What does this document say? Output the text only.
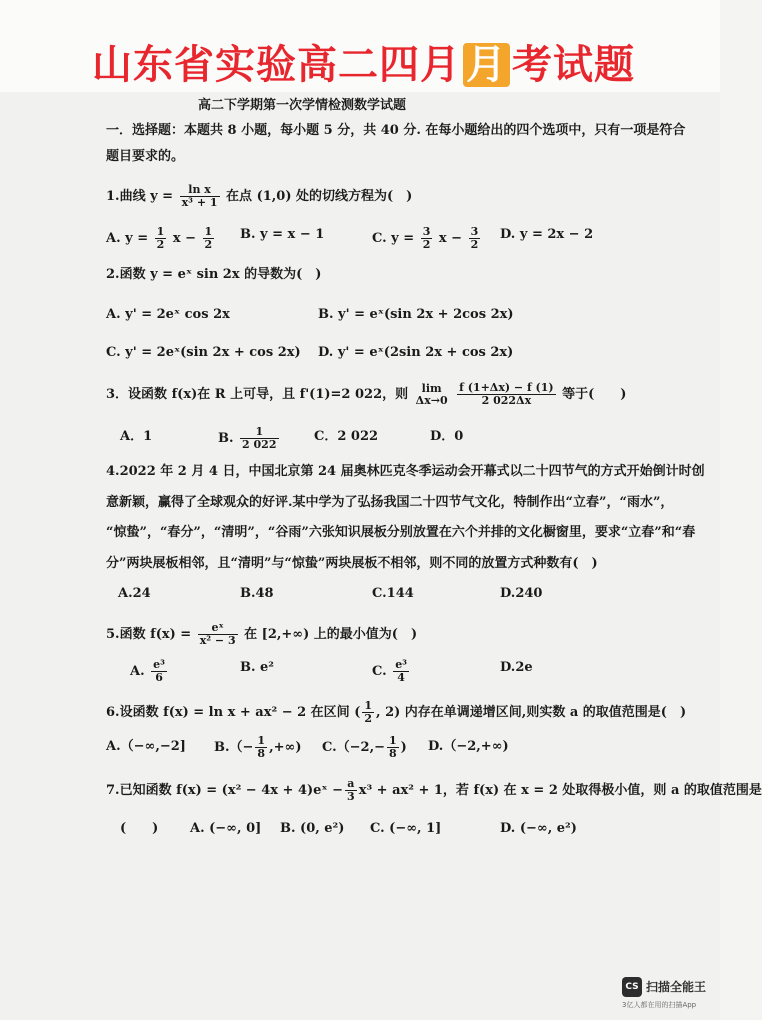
山东省实验高二四月 月 考试题
高二下学期第一次学情检测数学试题
一．选择题：本题共 8 小题，每小题 5 分，共 40 分. 在每小题给出的四个选项中，只有一项是符合
题目要求的。
1.曲线 $y = \frac{\text{ln x}}{\text{x³ + 1}}$ 在点 (1,0) 处的切线方程为(　)
A. $y = \frac{1}{2}$ $x - \frac{1}{2} B$. y = x − 1	C. $y = \frac{3}{2}$ $x - \frac{3}{2} D$. y = 2x − 2
2.函数 y = eˣ sin 2x 的导数为(　)
A. y' = 2eˣ cos 2x	B. y' = eˣ(sin 2x + 2cos 2x)
C. y' = 2eˣ(sin 2x + cos 2x) D. y' = eˣ(2sin 2x + cos 2x)
3．设函数 f(x)在 R 上可导，且 f'(1)=2 022，则	lim
Δx→0
$\frac{f (1+\Delta x) - f (1)}{2 022\Delta x}$ 等于(　　)
A．1	B. $\frac{1}{2 022}$	C．2 022	D．0
4.2022 年 2 月 4 日，中国北京第 24 届奥林匹克冬季运动会开幕式以二十四节气的方式开始倒计时创
意新颖，赢得了全球观众的好评.某中学为了弘扬我国二十四节气文化，特制作出“立春”，“雨水”，
“惊蛰”，“春分”，“清明”，“谷雨”六张知识展板分别放置在六个并排的文化橱窗里，要求“立春”和“春
分”两块展板相邻，且“清明”与“惊蛰”两块展板不相邻，则不同的放置方式种数有(　)
A.24	B.48	C.144	D.240
5.函数 $f(x) = \frac{\text{eˣ}}{\text{x² − 3}}$ 在 [2,+∞) 上的最小值为(　)
A. $\frac{\text{e³}}{6}$	B. e²	C. $\frac{\text{e³}}{4}$	D.2e
6.设函数 f(x) = ln x + ax² − 2 在区间 ( $\frac{1}{2}$ , 2) 内存在单调递增区间,则实数 a 的取值范围是(　)
A.（−∞,−2] $B.(- \frac{1}{8}$ ,+∞) $C.(-2,- \frac{1}{8}$ ) D.（−2,+∞)
7.已知函数 f(x) = (x² − 4x + 4)eˣ − $\frac{a}{3} x^3 + ax^2 + 1$，若 f(x) 在 x = 2 处取得极小值，则 a 的取值范围是
(　　) A. (−∞, 0] B. (0, e²) C. (−∞, 1]	D. (−∞, e²)
CS 扫描全能王
3亿人都在用的扫描App
